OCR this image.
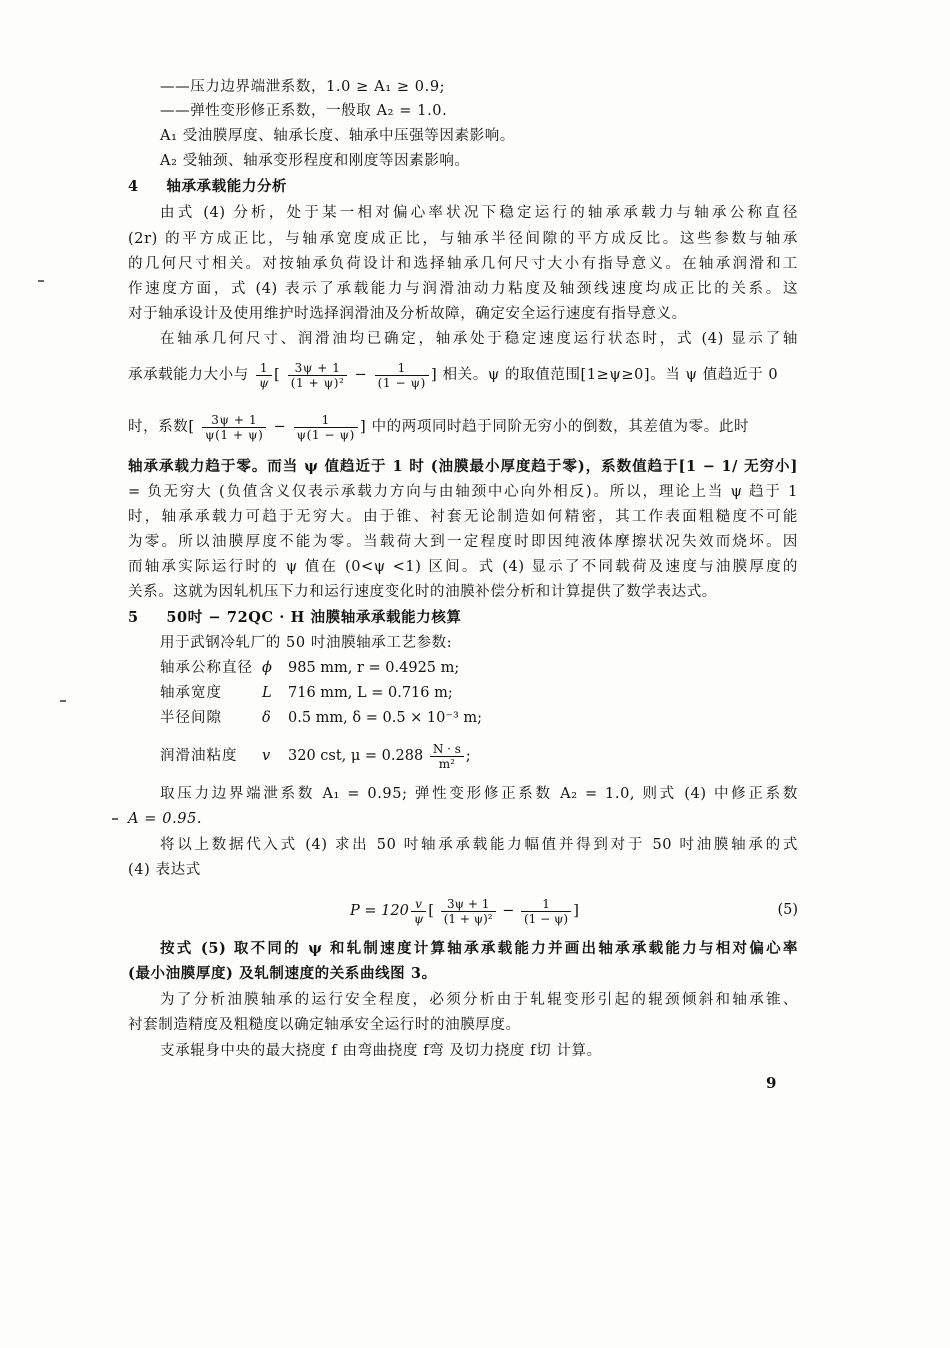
——压力边界端泄系数，1.0 ≥ A₁ ≥ 0.9;
——弹性变形修正系数，一般取 A₂ = 1.0.
A₁ 受油膜厚度、轴承长度、轴承中压强等因素影响。
A₂ 受轴颈、轴承变形程度和刚度等因素影响。
4 轴承承载能力分析
由式 (4) 分析，处于某一相对偏心率状况下稳定运行的轴承承载力与轴承公称直径
(2r) 的平方成正比，与轴承宽度成正比，与轴承半径间隙的平方成反比。这些参数与轴承
的几何尺寸相关。对按轴承负荷设计和选择轴承几何尺寸大小有指导意义。在轴承润滑和工
作速度方面，式 (4) 表示了承载能力与润滑油动力粘度及轴颈线速度均成正比的关系。这
对于轴承设计及使用维护时选择润滑油及分析故障，确定安全运行速度有指导意义。
在轴承几何尺寸、润滑油均已确定，轴承处于稳定速度运行状态时，式 (4) 显示了轴
承承载能力大小与 $\frac{1}{\psi}$ [ $\frac{3\psi + 1}{\text{(1 + ψ)²}} - \frac{1}{(1 - \psi)}$ ] 相关。ψ 的取值范围[1≥ψ≥0]。当 ψ 值趋近于 0
时，系数[ $\frac{3\psi + 1}{\psi(1 + \psi)} - \frac{1}{\psi(1 - \psi)}$ ] 中的两项同时趋于同阶无穷小的倒数，其差值为零。此时
轴承承载力趋于零。而当 ψ 值趋近于 1 时 (油膜最小厚度趋于零)，系数值趋于[1 − 1/ 无穷小]
= 负无穷大 (负值含义仅表示承载力方向与由轴颈中心向外相反)。所以，理论上当 ψ 趋于 1
时，轴承承载力可趋于无穷大。由于锥、衬套无论制造如何精密，其工作表面粗糙度不可能
为零。所以油膜厚度不能为零。当载荷大到一定程度时即因纯液体摩擦状况失效而烧坏。因
而轴承实际运行时的 ψ 值在 (0<ψ <1) 区间。式 (4) 显示了不同载荷及速度与油膜厚度的
关系。这就为因轧机压下力和运行速度变化时的油膜补偿分析和计算提供了数学表达式。
5 50吋 − 72QC · H 油膜轴承承载能力核算
用于武钢冷轧厂的 50 吋油膜轴承工艺参数:
轴承公称直径 ϕ 985 mm, r = 0.4925 m;
轴承宽度	L 716 mm, L = 0.716 m;
半径间隙	δ 0.5 mm, δ = 0.5 × 10⁻³ m;
润滑油粘度 v 320 cst, $\mu = 0.288 \frac{N \cdot s}{\text{m²}}$ ;
取压力边界端泄系数 A₁ = 0.95; 弹性变形修正系数 A₂ = 1.0, 则式 (4) 中修正系数
A = 0.95.
将以上数据代入式 (4) 求出 50 吋轴承承载能力幅值并得到对于 50 吋油膜轴承的式
(4) 表达式
$P = 120 \frac{v}{\psi}$ [ $\frac{3\psi + 1}{\text{(1 + ψ)²}} - \frac{1}{(1 - \psi)}$ ]	(5)
按式 (5) 取不同的 ψ 和轧制速度计算轴承承载能力并画出轴承承载能力与相对偏心率
(最小油膜厚度) 及轧制速度的关系曲线图 3。
为了分析油膜轴承的运行安全程度，必须分析由于轧辊变形引起的辊颈倾斜和轴承锥、
衬套制造精度及粗糙度以确定轴承安全运行时的油膜厚度。
支承辊身中央的最大挠度 f 由弯曲挠度 f弯 及切力挠度 f切 计算。
9
